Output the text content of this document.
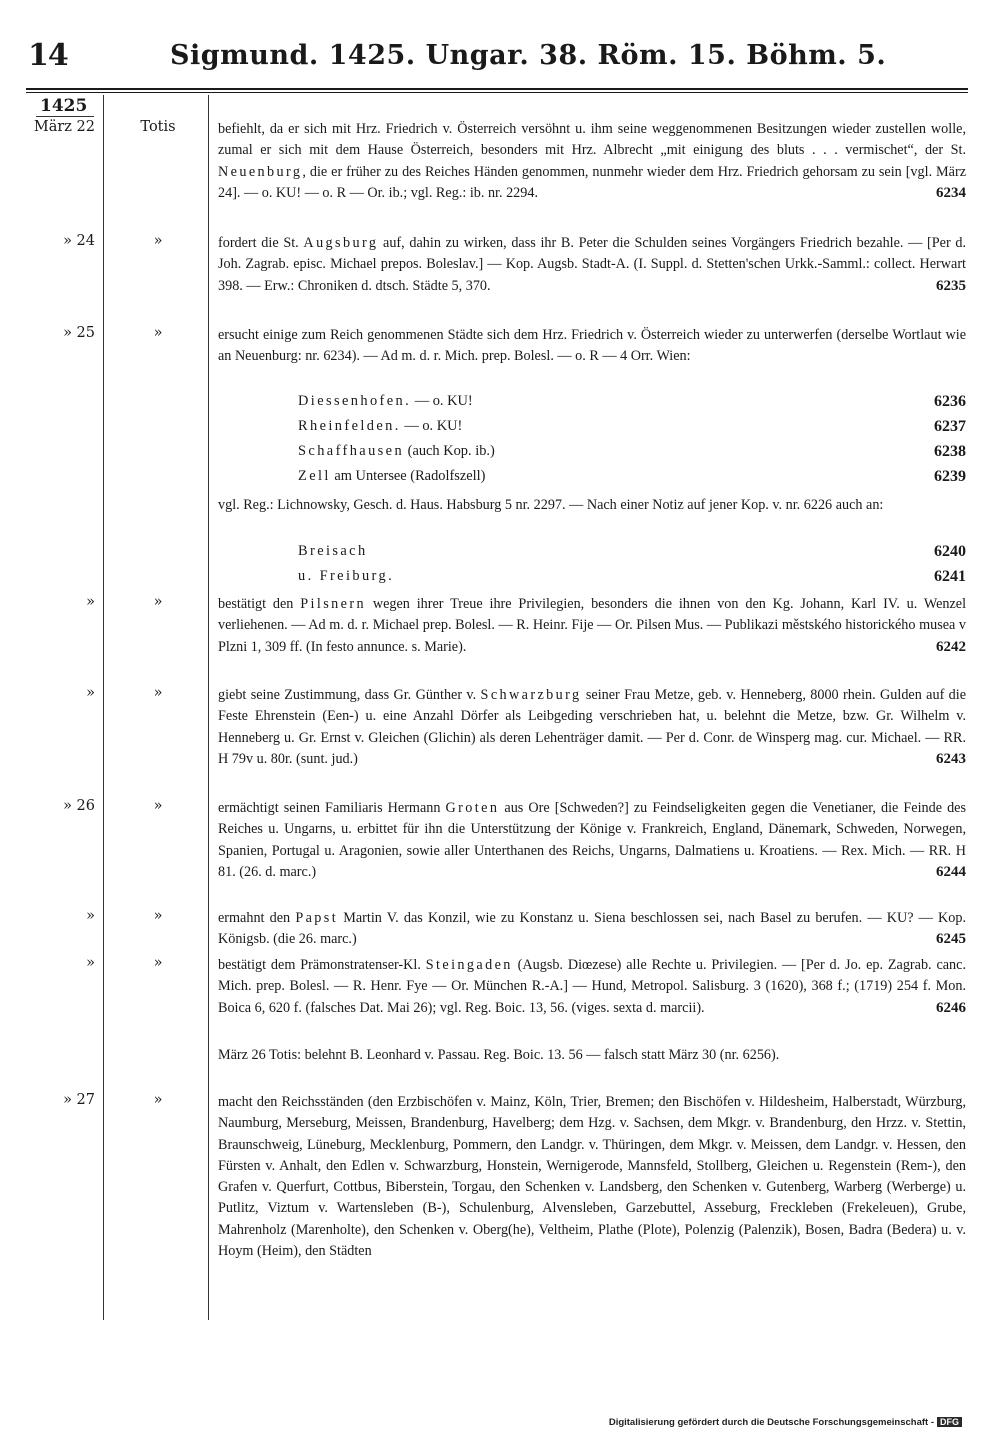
14	Sigmund. 1425. Ungar. 38. Röm. 15. Böhm. 5.
1425
März 22	Totis	befiehlt, da er sich mit Hrz. Friedrich v. Österreich versöhnt u. ihm seine weggenommenen Besitzungen wieder zustellen wolle, zumal er sich mit dem Hause Österreich, besonders mit Hrz. Albrecht „mit einigung des bluts . . . vermischet“, der St. Neuenburg, die er früher zu des Reiches Händen genommen, nunmehr wieder dem Hrz. Friedrich gehorsam zu sein [vgl. März 24]. — o. KU! — o. R — Or. ib.; vgl. Reg.: ib. nr. 2294.	6234
» 24	»	fordert die St. Augsburg auf, dahin zu wirken, dass ihr B. Peter die Schulden seines Vorgängers Friedrich bezahle. — [Per d. Joh. Zagrab. episc. Michael prepos. Boleslav.] — Kop. Augsb. Stadt-A. (I. Suppl. d. Stetten'schen Urkk.-Samml.: collect. Herwart 398. — Erw.: Chroniken d. dtsch. Städte 5, 370.	6235
» 25	»	ersucht einige zum Reich genommenen Städte sich dem Hrz. Friedrich v. Österreich wieder zu unterwerfen (derselbe Wortlaut wie an Neuenburg: nr. 6234). — Ad m. d. r. Mich. prep. Bolesl. — o. R — 4 Orr. Wien:
Diessenhofen. — o. KU!	6236
Rheinfelden. — o. KU!	6237
Schaffhausen (auch Kop. ib.)	6238
Zell am Untersee (Radolfszell)	6239
vgl. Reg.: Lichnowsky, Gesch. d. Haus. Habsburg 5 nr. 2297. — Nach einer Notiz auf jener Kop. v. nr. 6226 auch an:
Breisach	6240
u. Freiburg.	6241
»	»	bestätigt den Pilsnern wegen ihrer Treue ihre Privilegien, besonders die ihnen von den Kg. Johann, Karl IV. u. Wenzel verliehenen. — Ad m. d. r. Michael prep. Bolesl. — R. Heinr. Fije — Or. Pilsen Mus. — Publikazi městského historického musea v Plzni 1, 309 ff. (In festo annunce. s. Marie).	6242
»	»	giebt seine Zustimmung, dass Gr. Günther v. Schwarzburg seiner Frau Metze, geb. v. Henneberg, 8000 rhein. Gulden auf die Feste Ehrenstein (Een-) u. eine Anzahl Dörfer als Leibgeding verschrieben hat, u. belehnt die Metze, bzw. Gr. Wilhelm v. Henneberg u. Gr. Ernst v. Gleichen (Glichin) als deren Lehenträger damit. — Per d. Conr. de Winsperg mag. cur. Michael. — RR. H 79v u. 80r. (sunt. jud.)	6243
» 26	»	ermächtigt seinen Familiaris Hermann Groten aus Ore [Schweden?] zu Feindseligkeiten gegen die Venetianer, die Feinde des Reiches u. Ungarns, u. erbittet für ihn die Unterstützung der Könige v. Frankreich, England, Dänemark, Schweden, Norwegen, Spanien, Portugal u. Aragonien, sowie aller Unterthanen des Reichs, Ungarns, Dalmatiens u. Kroatiens. — Rex. Mich. — RR. H 81. (26. d. marc.)	6244
»	»	ermahnt den Papst Martin V. das Konzil, wie zu Konstanz u. Siena beschlossen sei, nach Basel zu berufen. — KU? — Kop. Königsb. (die 26. marc.)	6245
»	»	bestätigt dem Prämonstratenser-Kl. Steingaden (Augsb. Diœzese) alle Rechte u. Privilegien. — [Per d. Jo. ep. Zagrab. canc. Mich. prep. Bolesl. — R. Henr. Fye — Or. München R.-A.] — Hund, Metropol. Salisburg. 3 (1620), 368 f.; (1719) 254 f. Mon. Boica 6, 620 f. (falsches Dat. Mai 26); vgl. Reg. Boic. 13, 56. (viges. sexta d. marcii).	6246
März 26 Totis: belehnt B. Leonhard v. Passau. Reg. Boic. 13. 56 — falsch statt März 30 (nr. 6256).
» 27	»	macht den Reichsständen (den Erzbischöfen v. Mainz, Köln, Trier, Bremen; den Bischöfen v. Hildesheim, Halberstadt, Würzburg, Naumburg, Merseburg, Meissen, Brandenburg, Havelberg; dem Hzg. v. Sachsen, dem Mkgr. v. Brandenburg, den Hrzz. v. Stettin, Braunschweig, Lüneburg, Mecklenburg, Pommern, den Landgr. v. Thüringen, dem Mkgr. v. Meissen, dem Landgr. v. Hessen, den Fürsten v. Anhalt, den Edlen v. Schwarzburg, Honstein, Wernigerode, Mannsfeld, Stollberg, Gleichen u. Regenstein (Rem-), den Grafen v. Querfurt, Cottbus, Biberstein, Torgau, den Schenken v. Landsberg, den Schenken v. Gutenberg, Warberg (Werberge) u. Putlitz, Viztum v. Wartensleben (B-), Schulenburg, Alvensleben, Garzebuttel, Asseburg, Freckleben (Frekeleuen), Grube, Mahrenholz (Marenholte), den Schenken v. Oberg(he), Veltheim, Plathe (Plote), Polenzig (Palenzik), Bosen, Badra (Bedera) u. v. Hoym (Heim), den Städten
Digitalisierung gefördert durch die Deutsche Forschungsgemeinschaft - DFG
